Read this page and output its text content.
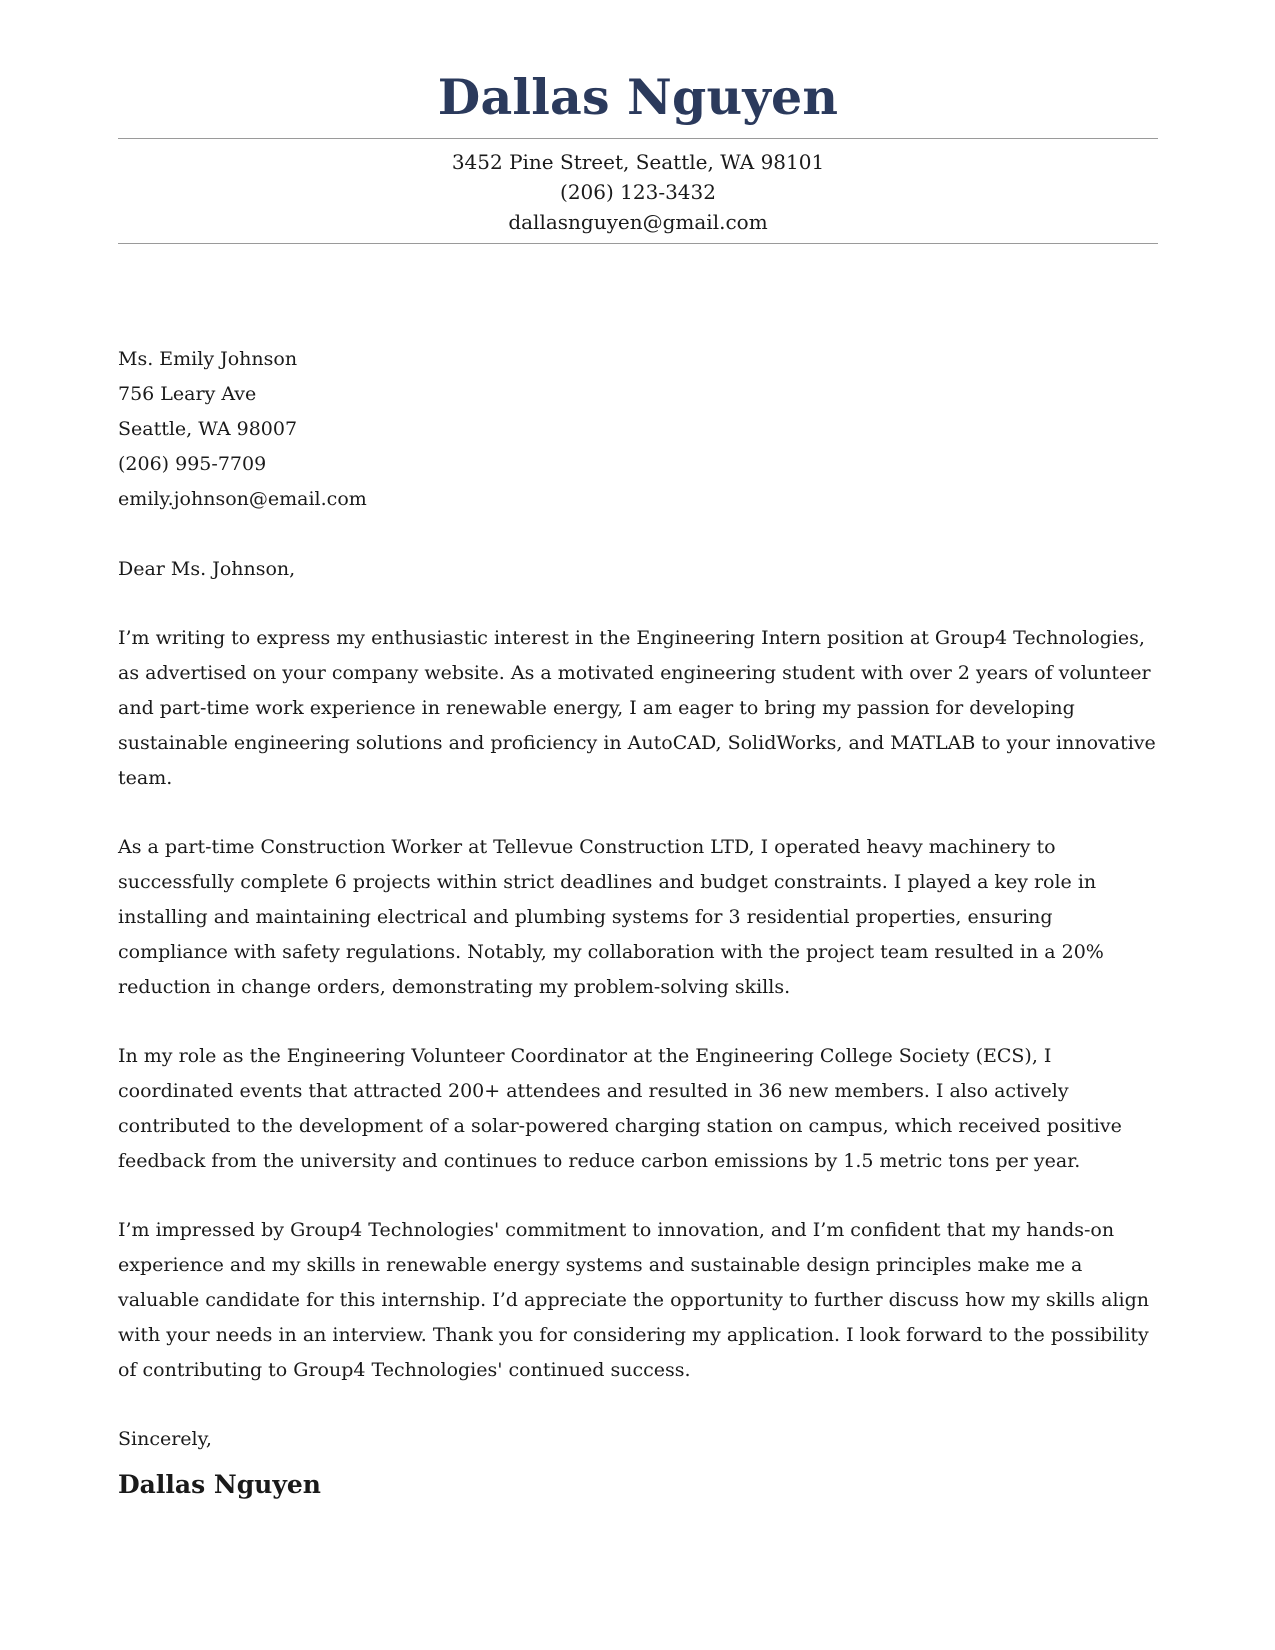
Dallas Nguyen
3452 Pine Street, Seattle, WA 98101
(206) 123-3432
dallasnguyen@gmail.com
Ms. Emily Johnson
756 Leary Ave
Seattle, WA 98007
(206) 995-7709
emily.johnson@email.com

Dear Ms. Johnson,

I’m writing to express my enthusiastic interest in the Engineering Intern position at Group4 Technologies, as advertised on your company website. As a motivated engineering student with over 2 years of volunteer and part-time work experience in renewable energy, I am eager to bring my passion for developing sustainable engineering solutions and proficiency in AutoCAD, SolidWorks, and MATLAB to your innovative team.

As a part-time Construction Worker at Tellevue Construction LTD, I operated heavy machinery to successfully complete 6 projects within strict deadlines and budget constraints. I played a key role in installing and maintaining electrical and plumbing systems for 3 residential properties, ensuring compliance with safety regulations. Notably, my collaboration with the project team resulted in a 20% reduction in change orders, demonstrating my problem-solving skills.

In my role as the Engineering Volunteer Coordinator at the Engineering College Society (ECS), I coordinated events that attracted 200+ attendees and resulted in 36 new members. I also actively contributed to the development of a solar-powered charging station on campus, which received positive feedback from the university and continues to reduce carbon emissions by 1.5 metric tons per year.

I’m impressed by Group4 Technologies' commitment to innovation, and I’m confident that my hands-on experience and my skills in renewable energy systems and sustainable design principles make me a valuable candidate for this internship. I’d appreciate the opportunity to further discuss how my skills align with your needs in an interview. Thank you for considering my application. I look forward to the possibility of contributing to Group4 Technologies' continued success.

Sincerely,

Dallas Nguyen
